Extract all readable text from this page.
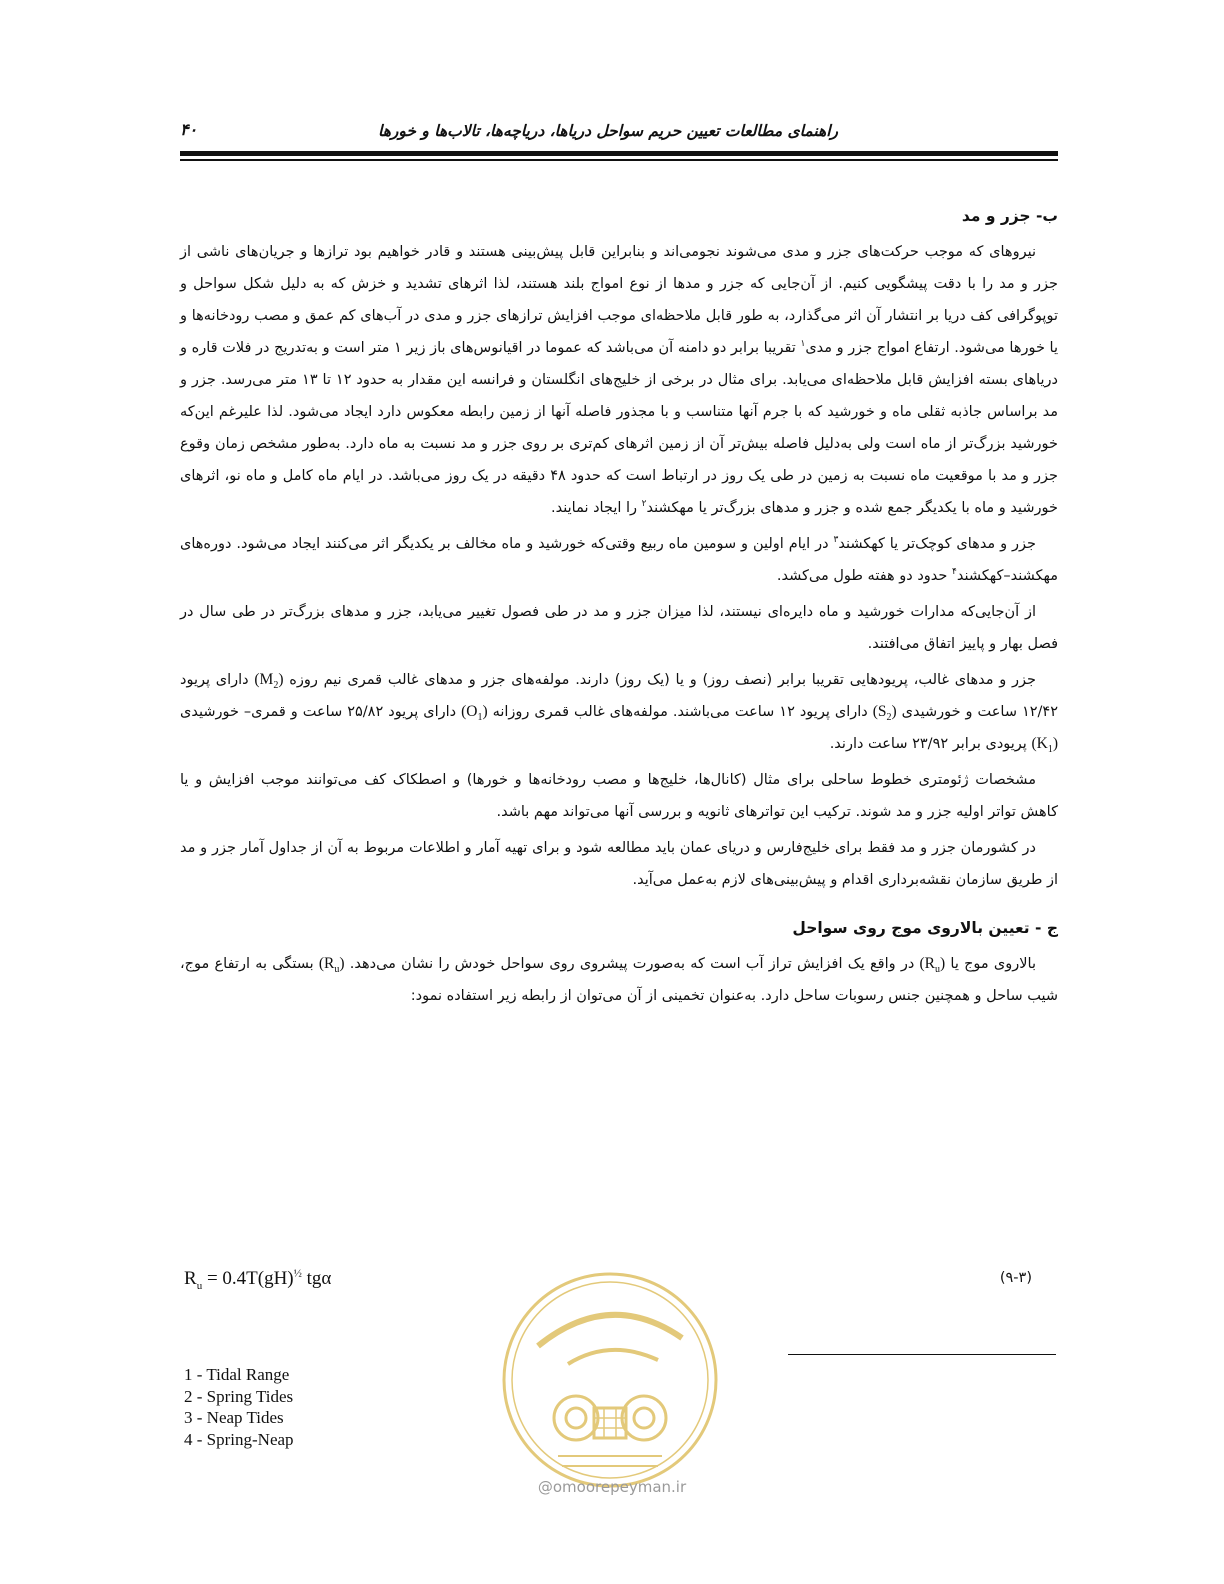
راهنمای مطالعات تعیین حریم سواحل دریاها، دریاچه‌ها، تالاب‌ها و خورها
۴۰

ب- جزر و مد

نیروهای که موجب حرکت‌های جزر و مدی می‌شوند نجومی‌اند و بنابراین قابل پیش‌بینی هستند و قادر خواهیم بود ترازها و جریان‌های ناشی از جزر و مد را با دقت پیشگویی کنیم. از آن‌جایی که جزر و مدها از نوع امواج بلند هستند، لذا اثرهای تشدید و خزش که به دلیل شکل سواحل و توپوگرافی کف دریا بر انتشار آن اثر می‌گذارد، به طور قابل ملاحظه‌ای موجب افزایش ترازهای جزر و مدی در آب‌های کم عمق و مصب رودخانه‌ها و یا خورها می‌شود. ارتفاع امواج جزر و مدی$^۱$ تقریبا برابر دو دامنه آن می‌باشد که عموما در اقیانوس‌های باز زیر ۱ متر است و به‌تدریج در فلات قاره و دریاهای بسته افزایش قابل ملاحظه‌ای می‌یابد. برای مثال در برخی از خلیج‌های انگلستان و فرانسه این مقدار به حدود ۱۲ تا ۱۳ متر می‌رسد. جزر و مد براساس جاذبه ثقلی ماه و خورشید که با جرم آنها متناسب و با مجذور فاصله آنها از زمین رابطه معکوس دارد ایجاد می‌شود. لذا علیرغم این‌که خورشید بزرگ‌تر از ماه است ولی به‌دلیل فاصله بیش‌تر آن از زمین اثرهای کم‌تری بر روی جزر و مد نسبت به ماه دارد. به‌طور مشخص زمان وقوع جزر و مد با موقعیت ماه نسبت به زمین در طی یک روز در ارتباط است که حدود ۴۸ دقیقه در یک روز می‌باشد. در ایام ماه کامل و ماه نو، اثرهای خورشید و ماه با یکدیگر جمع شده و جزر و مدهای بزرگ‌تر یا مهکشند$^۲$ را ایجاد نمایند.

جزر و مدهای کوچک‌تر یا کهکشند$^۳$ در ایام اولین و سومین ماه ربیع وقتی‌که خورشید و ماه مخالف بر یکدیگر اثر می‌کنند ایجاد می‌شود. دوره‌های مهکشند–کهکشند$^۴$ حدود دو هفته طول می‌کشد.

از آن‌جایی‌که مدارات خورشید و ماه دایره‌ای نیستند، لذا میزان جزر و مد در طی فصول تغییر می‌یابد، جزر و مدهای بزرگ‌تر در طی سال در فصل بهار و پاییز اتفاق می‌افتند.

جزر و مدهای غالب، پریودهایی تقریبا برابر (نصف روز) و یا (یک روز) دارند. مولفه‌های جزر و مدهای غالب قمری نیم روزه $(M_2)$ دارای پریود ۱۲/۴۲ ساعت و خورشیدی $(S_2)$ دارای پریود ۱۲ ساعت می‌باشند. مولفه‌های غالب قمری روزانه $(O_1)$ دارای پریود ۲۵/۸۲ ساعت و قمری– خورشیدی $(K_1)$ پریودی برابر ۲۳/۹۲ ساعت دارند.

مشخصات ژئومتری خطوط ساحلی برای مثال (کانال‌ها، خلیج‌ها و مصب رودخانه‌ها و خورها) و اصطکاک کف می‌توانند موجب افزایش و یا کاهش تواتر اولیه جزر و مد شوند. ترکیب این تواترهای ثانویه و بررسی آنها می‌تواند مهم باشد.

در کشورمان جزر و مد فقط برای خلیج‌فارس و دریای عمان باید مطالعه شود و برای تهیه آمار و اطلاعات مربوط به آن از جداول آمار جزر و مد از طریق سازمان نقشه‌برداری اقدام و پیش‌بینی‌های لازم به‌عمل می‌آید.

ج - تعیین بالاروی موج روی سواحل

بالاروی موج یا $(R_u)$ در واقع یک افزایش تراز آب است که به‌صورت پیشروی روی سواحل خودش را نشان می‌دهد. $(R_u)$ بستگی به ارتفاع موج، شیب ساحل و همچنین جنس رسوبات ساحل دارد. به‌عنوان تخمینی از آن می‌توان از رابطه زیر استفاده نمود:

$R_u = 0.4T(gH)^{\frac{1}{2}}$ tgα	(۹-۳)
1 - Tidal Range
2 - Spring Tides
3 - Neap Tides
4 - Spring-Neap
@omoorepeyman.ir
